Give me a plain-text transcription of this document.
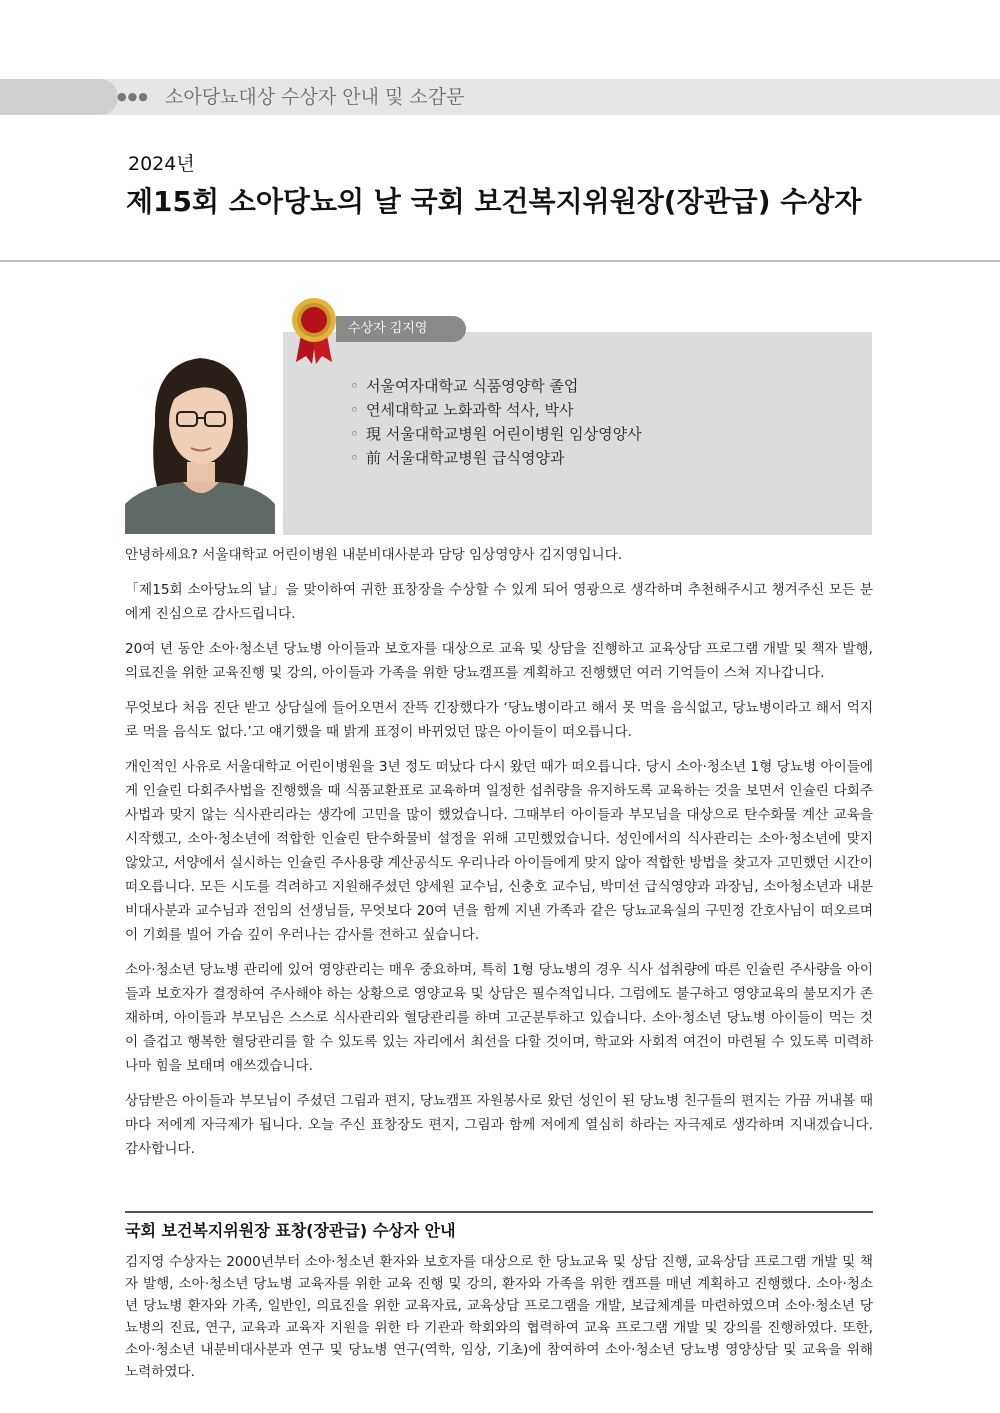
●●● 소아당뇨대상 수상자 안내 및 소감문
2024년
제15회 소아당뇨의 날 국회 보건복지위원장(장관급) 수상자
수상자 김지영
◦ 서울여자대학교 식품영양학 졸업
◦ 연세대학교 노화과학 석사, 박사
◦ 現 서울대학교병원 어린이병원 임상영양사
◦ 前 서울대학교병원 급식영양과

안녕하세요? 서울대학교 어린이병원 내분비대사분과 담당 임상영양사 김지영입니다.

「제15회 소아당뇨의 날」을 맞이하여 귀한 표창장을 수상할 수 있게 되어 영광으로 생각하며 추천해주시고 챙겨주신 모든 분에게 진심으로 감사드립니다.

20여 년 동안 소아·청소년 당뇨병 아이들과 보호자를 대상으로 교육 및 상담을 진행하고 교육상담 프로그램 개발 및 책자 발행, 의료진을 위한 교육진행 및 강의, 아이들과 가족을 위한 당뇨캠프를 계획하고 진행했던 여러 기억들이 스쳐 지나갑니다.

무엇보다 처음 진단 받고 상담실에 들어오면서 잔뜩 긴장했다가 ‘당뇨병이라고 해서 못 먹을 음식없고, 당뇨병이라고 해서 억지로 먹을 음식도 없다.’고 얘기했을 때 밝게 표정이 바뀌었던 많은 아이들이 떠오릅니다.

개인적인 사유로 서울대학교 어린이병원을 3년 정도 떠났다 다시 왔던 때가 떠오릅니다. 당시 소아·청소년 1형 당뇨병 아이들에게 인슐린 다회주사법을 진행했을 때 식품교환표로 교육하며 일정한 섭취량을 유지하도록 교육하는 것을 보면서 인슐린 다회주사법과 맞지 않는 식사관리라는 생각에 고민을 많이 했었습니다. 그때부터 아이들과 부모님을 대상으로 탄수화물 계산 교육을 시작했고, 소아·청소년에 적합한 인슐린 탄수화물비 설정을 위해 고민했었습니다. 성인에서의 식사관리는 소아·청소년에 맞지 않았고, 서양에서 실시하는 인슐린 주사용량 계산공식도 우리나라 아이들에게 맞지 않아 적합한 방법을 찾고자 고민했던 시간이 떠오릅니다. 모든 시도를 격려하고 지원해주셨던 양세원 교수님, 신충호 교수님, 박미선 급식영양과 과장님, 소아청소년과 내분비대사분과 교수님과 전임의 선생님들, 무엇보다 20여 년을 함께 지낸 가족과 같은 당뇨교육실의 구민정 간호사님이 떠오르며 이 기회를 빌어 가슴 깊이 우러나는 감사를 전하고 싶습니다.

소아·청소년 당뇨병 관리에 있어 영양관리는 매우 중요하며, 특히 1형 당뇨병의 경우 식사 섭취량에 따른 인슐린 주사량을 아이들과 보호자가 결정하여 주사해야 하는 상황으로 영양교육 및 상담은 필수적입니다. 그럼에도 불구하고 영양교육의 불모지가 존재하며, 아이들과 부모님은 스스로 식사관리와 혈당관리를 하며 고군분투하고 있습니다. 소아·청소년 당뇨병 아이들이 먹는 것이 즐겁고 행복한 혈당관리를 할 수 있도록 있는 자리에서 최선을 다할 것이며, 학교와 사회적 여건이 마련될 수 있도록 미력하나마 힘을 보태며 애쓰겠습니다.

상담받은 아이들과 부모님이 주셨던 그림과 편지, 당뇨캠프 자원봉사로 왔던 성인이 된 당뇨병 친구들의 편지는 가끔 꺼내볼 때마다 저에게 자극제가 됩니다. 오늘 주신 표창장도 편지, 그림과 함께 저에게 열심히 하라는 자극제로 생각하며 지내겠습니다. 감사합니다.

국회 보건복지위원장 표창(장관급) 수상자 안내

김지영 수상자는 2000년부터 소아·청소년 환자와 보호자를 대상으로 한 당뇨교육 및 상담 진행, 교육상담 프로그램 개발 및 책자 발행, 소아·청소년 당뇨병 교육자를 위한 교육 진행 및 강의, 환자와 가족을 위한 캠프를 매년 계획하고 진행했다. 소아·청소년 당뇨병 환자와 가족, 일반인, 의료진을 위한 교육자료, 교육상담 프로그램을 개발, 보급체계를 마련하였으며 소아·청소년 당뇨병의 진료, 연구, 교육과 교육자 지원을 위한 타 기관과 학회와의 협력하여 교육 프로그램 개발 및 강의를 진행하였다. 또한, 소아·청소년 내분비대사분과 연구 및 당뇨병 연구(역학, 임상, 기초)에 참여하여 소아·청소년 당뇨병 영양상담 및 교육을 위해 노력하였다.
